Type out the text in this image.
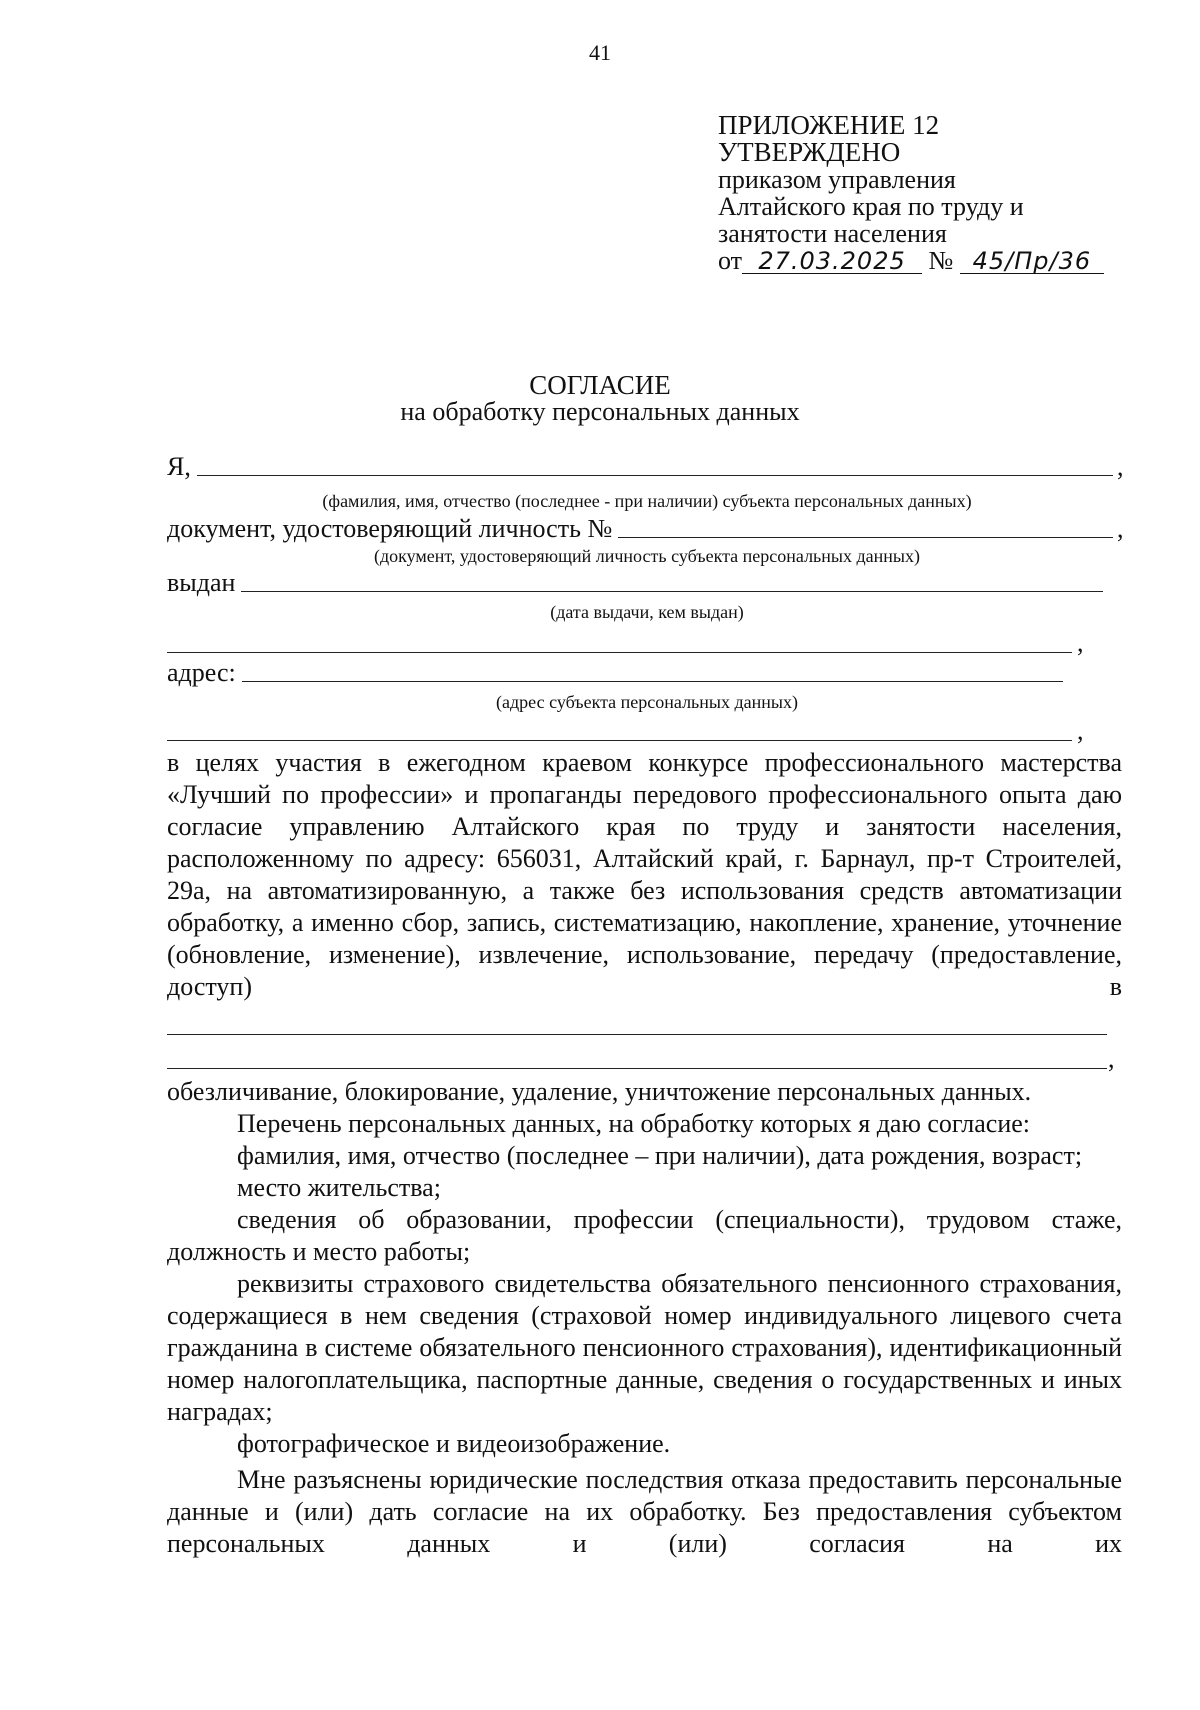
41
ПРИЛОЖЕНИЕ 12
УТВЕРЖДЕНО
приказом управления
Алтайского края по труду и
занятости населения
от 27.03.2025 № 45/Пр/36
СОГЛАСИЕ
на обработку персональных данных
Я,	,
(фамилия, имя, отчество (последнее - при наличии) субъекта персональных данных)
документ, удостоверяющий личность №	,
(документ, удостоверяющий личность субъекта персональных данных)
выдан
(дата выдачи, кем выдан)
,
адрес:
(адрес субъекта персональных данных)
,

в целях участия в ежегодном краевом конкурсе профессионального мастерства «Лучший по профессии» и пропаганды передового профессионального опыта даю согласие управлению Алтайского края по труду и занятости населения, расположенному по адресу: 656031, Алтайский край, г. Барнаул, пр-т Строителей, 29а, на автоматизированную, а также без использования средств автоматизации обработку, а именно сбор, запись, систематизацию, накопление, хранение, уточнение (обновление, изменение), извлечение, использование, передачу (предоставление, доступ) в

,

обезличивание, блокирование, удаление, уничтожение персональных данных.

Перечень персональных данных, на обработку которых я даю согласие:

фамилия, имя, отчество (последнее – при наличии), дата рождения, возраст;

место жительства;

сведения об образовании, профессии (специальности), трудовом стаже, должность и место работы;

реквизиты страхового свидетельства обязательного пенсионного страхования, содержащиеся в нем сведения (страховой номер индивидуального лицевого счета гражданина в системе обязательного пенсионного страхования), идентификационный номер налогоплательщика, паспортные данные, сведения о государственных и иных наградах;

фотографическое и видеоизображение.

Мне разъяснены юридические последствия отказа предоставить персональные данные и (или) дать согласие на их обработку. Без предоставления субъектом персональных данных и (или) согласия на их
